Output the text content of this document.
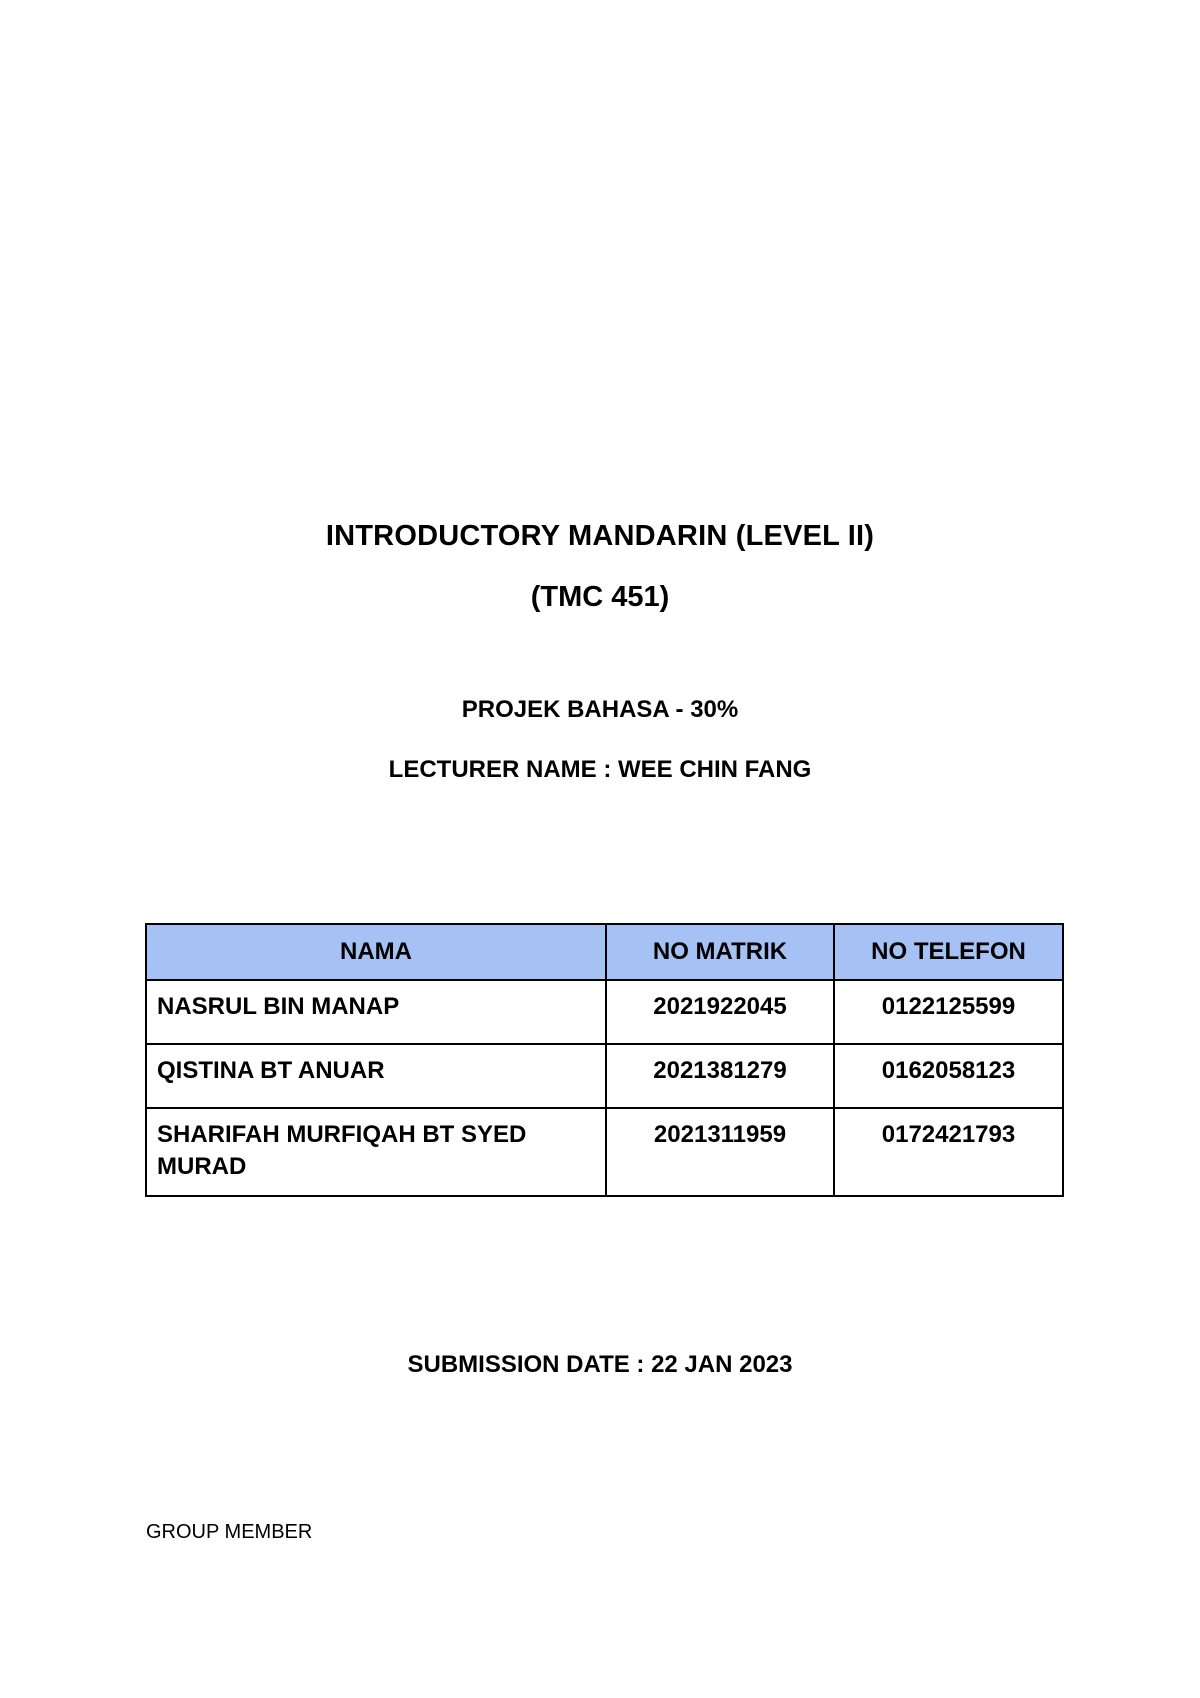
INTRODUCTORY MANDARIN (LEVEL II)
(TMC 451)
PROJEK BAHASA - 30%
LECTURER NAME : WEE CHIN FANG
NAMA	NO MATRIK	NO TELEFON
NASRUL BIN MANAP	2021922045	0122125599
QISTINA BT ANUAR	2021381279	0162058123
SHARIFAH MURFIQAH BT SYED MURAD	2021311959	0172421793
SUBMISSION DATE : 22 JAN 2023
GROUP MEMBER
